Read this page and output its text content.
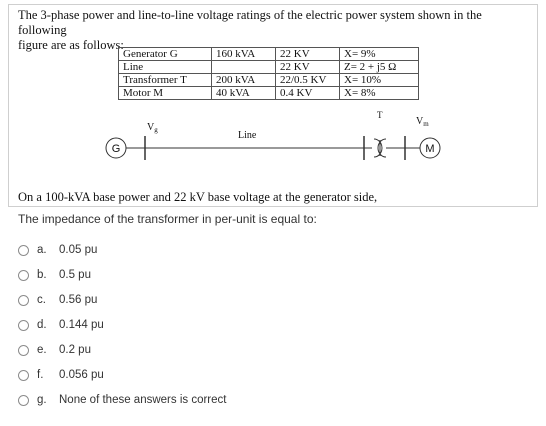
The 3-phase power and line-to-line voltage ratings of the electric power system shown in the following
figure are as follows:
Generator G	160 kVA	22 KV	X= 9%
Line		22 KV	Z= 2 + j5 Ω
Transformer T	200 kVA	22/0.5 KV	X= 10%
Motor M	40 kVA	0.4 KV	X= 8%
G	M
$V_g$	Line
T
$V_m$
On a 100-kVA base power and 22 kV base voltage at the generator side,
The impedance of the transformer in per-unit is equal to:
a.	0.05 pu
b.	0.5 pu
c.	0.56 pu
d.	0.144 pu
e.	0.2 pu
f.	0.056 pu
g.	None of these answers is correct
